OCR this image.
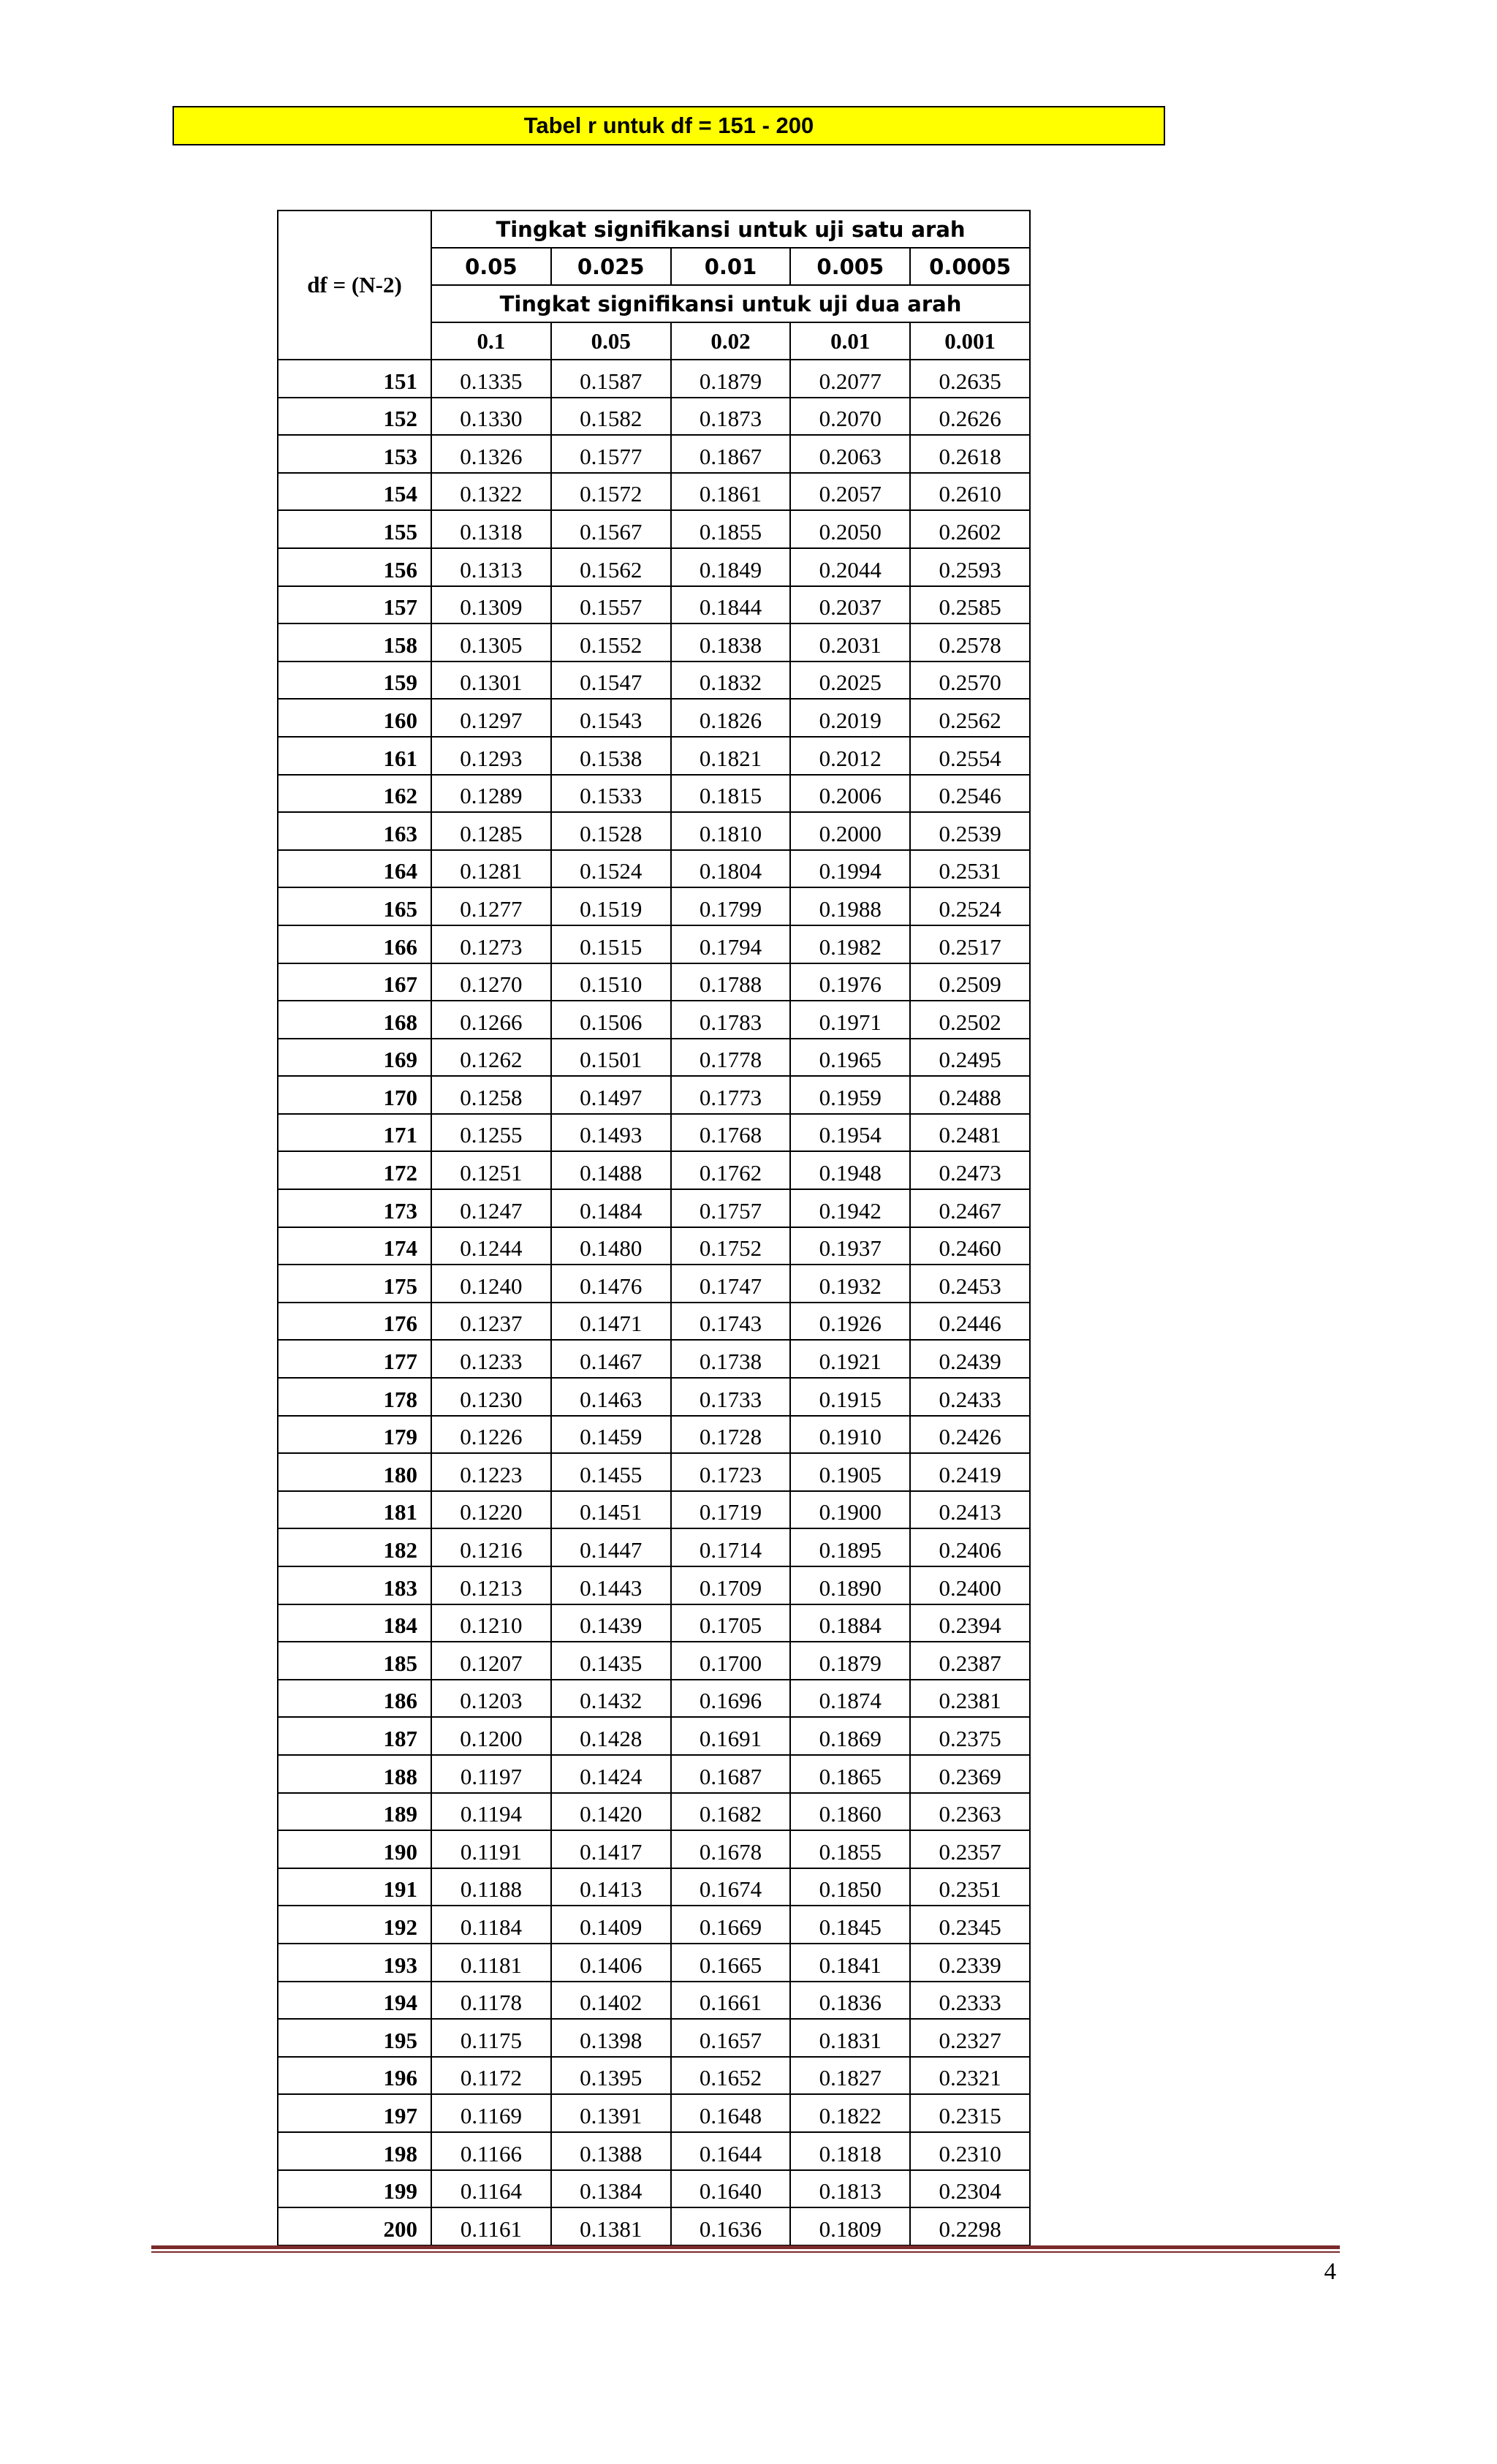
Tabel r untuk df = 151 - 200
df = (N-2)	Tingkat signifikansi untuk uji satu arah				
	0.05	0.025	0.01	0.005	0.0005
	Tingkat signifikansi untuk uji dua arah				
	0.1	0.05	0.02	0.01	0.001
151	0.1335	0.1587	0.1879	0.2077	0.2635
152	0.1330	0.1582	0.1873	0.2070	0.2626
153	0.1326	0.1577	0.1867	0.2063	0.2618
154	0.1322	0.1572	0.1861	0.2057	0.2610
155	0.1318	0.1567	0.1855	0.2050	0.2602
156	0.1313	0.1562	0.1849	0.2044	0.2593
157	0.1309	0.1557	0.1844	0.2037	0.2585
158	0.1305	0.1552	0.1838	0.2031	0.2578
159	0.1301	0.1547	0.1832	0.2025	0.2570
160	0.1297	0.1543	0.1826	0.2019	0.2562
161	0.1293	0.1538	0.1821	0.2012	0.2554
162	0.1289	0.1533	0.1815	0.2006	0.2546
163	0.1285	0.1528	0.1810	0.2000	0.2539
164	0.1281	0.1524	0.1804	0.1994	0.2531
165	0.1277	0.1519	0.1799	0.1988	0.2524
166	0.1273	0.1515	0.1794	0.1982	0.2517
167	0.1270	0.1510	0.1788	0.1976	0.2509
168	0.1266	0.1506	0.1783	0.1971	0.2502
169	0.1262	0.1501	0.1778	0.1965	0.2495
170	0.1258	0.1497	0.1773	0.1959	0.2488
171	0.1255	0.1493	0.1768	0.1954	0.2481
172	0.1251	0.1488	0.1762	0.1948	0.2473
173	0.1247	0.1484	0.1757	0.1942	0.2467
174	0.1244	0.1480	0.1752	0.1937	0.2460
175	0.1240	0.1476	0.1747	0.1932	0.2453
176	0.1237	0.1471	0.1743	0.1926	0.2446
177	0.1233	0.1467	0.1738	0.1921	0.2439
178	0.1230	0.1463	0.1733	0.1915	0.2433
179	0.1226	0.1459	0.1728	0.1910	0.2426
180	0.1223	0.1455	0.1723	0.1905	0.2419
181	0.1220	0.1451	0.1719	0.1900	0.2413
182	0.1216	0.1447	0.1714	0.1895	0.2406
183	0.1213	0.1443	0.1709	0.1890	0.2400
184	0.1210	0.1439	0.1705	0.1884	0.2394
185	0.1207	0.1435	0.1700	0.1879	0.2387
186	0.1203	0.1432	0.1696	0.1874	0.2381
187	0.1200	0.1428	0.1691	0.1869	0.2375
188	0.1197	0.1424	0.1687	0.1865	0.2369
189	0.1194	0.1420	0.1682	0.1860	0.2363
190	0.1191	0.1417	0.1678	0.1855	0.2357
191	0.1188	0.1413	0.1674	0.1850	0.2351
192	0.1184	0.1409	0.1669	0.1845	0.2345
193	0.1181	0.1406	0.1665	0.1841	0.2339
194	0.1178	0.1402	0.1661	0.1836	0.2333
195	0.1175	0.1398	0.1657	0.1831	0.2327
196	0.1172	0.1395	0.1652	0.1827	0.2321
197	0.1169	0.1391	0.1648	0.1822	0.2315
198	0.1166	0.1388	0.1644	0.1818	0.2310
199	0.1164	0.1384	0.1640	0.1813	0.2304
200	0.1161	0.1381	0.1636	0.1809	0.2298
4
